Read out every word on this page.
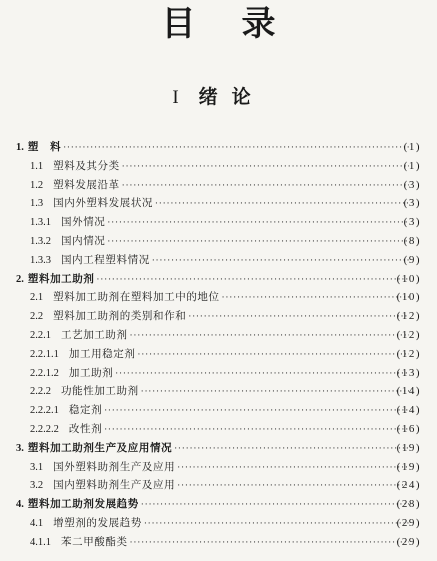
目录
I 绪论
1. 塑　料 ·····	(1)
1.1 塑料及其分类 ·····	(1)
1.2 塑料发展沿革 ·····	(3)
1.3 国内外塑料发展状况 ·····	(3)
1.3.1 国外情况 ·····	(3)
1.3.2 国内情况 ·····	(8)
1.3.3 国内工程塑料情况 ·····	(9)
2. 塑料加工助剂 ·····	(10)
2.1 塑料加工助剂在塑料加工中的地位 ·····	(10)
2.2 塑料加工助剂的类别和作和 ·····	(12)
2.2.1 工艺加工助剂 ·····	(12)
2.2.1.1 加工用稳定剂 ·····	(12)
2.2.1.2 加工助剂 ·····	(13)
2.2.2 功能性加工助剂 ·····	(14)
2.2.2.1 稳定剂 ·····	(14)
2.2.2.2 改性剂 ·····	(16)
3. 塑料加工助剂生产及应用情况 ·····	(19)
3.1 国外塑料助剂生产及应用 ·····	(19)
3.2 国内塑料助剂生产及应用 ·····	(24)
4. 塑料加工助剂发展趋势 ·····	(28)
4.1 增塑剂的发展趋势 ·····	(29)
4.1.1 苯二甲酸酯类 ·····	(29)
